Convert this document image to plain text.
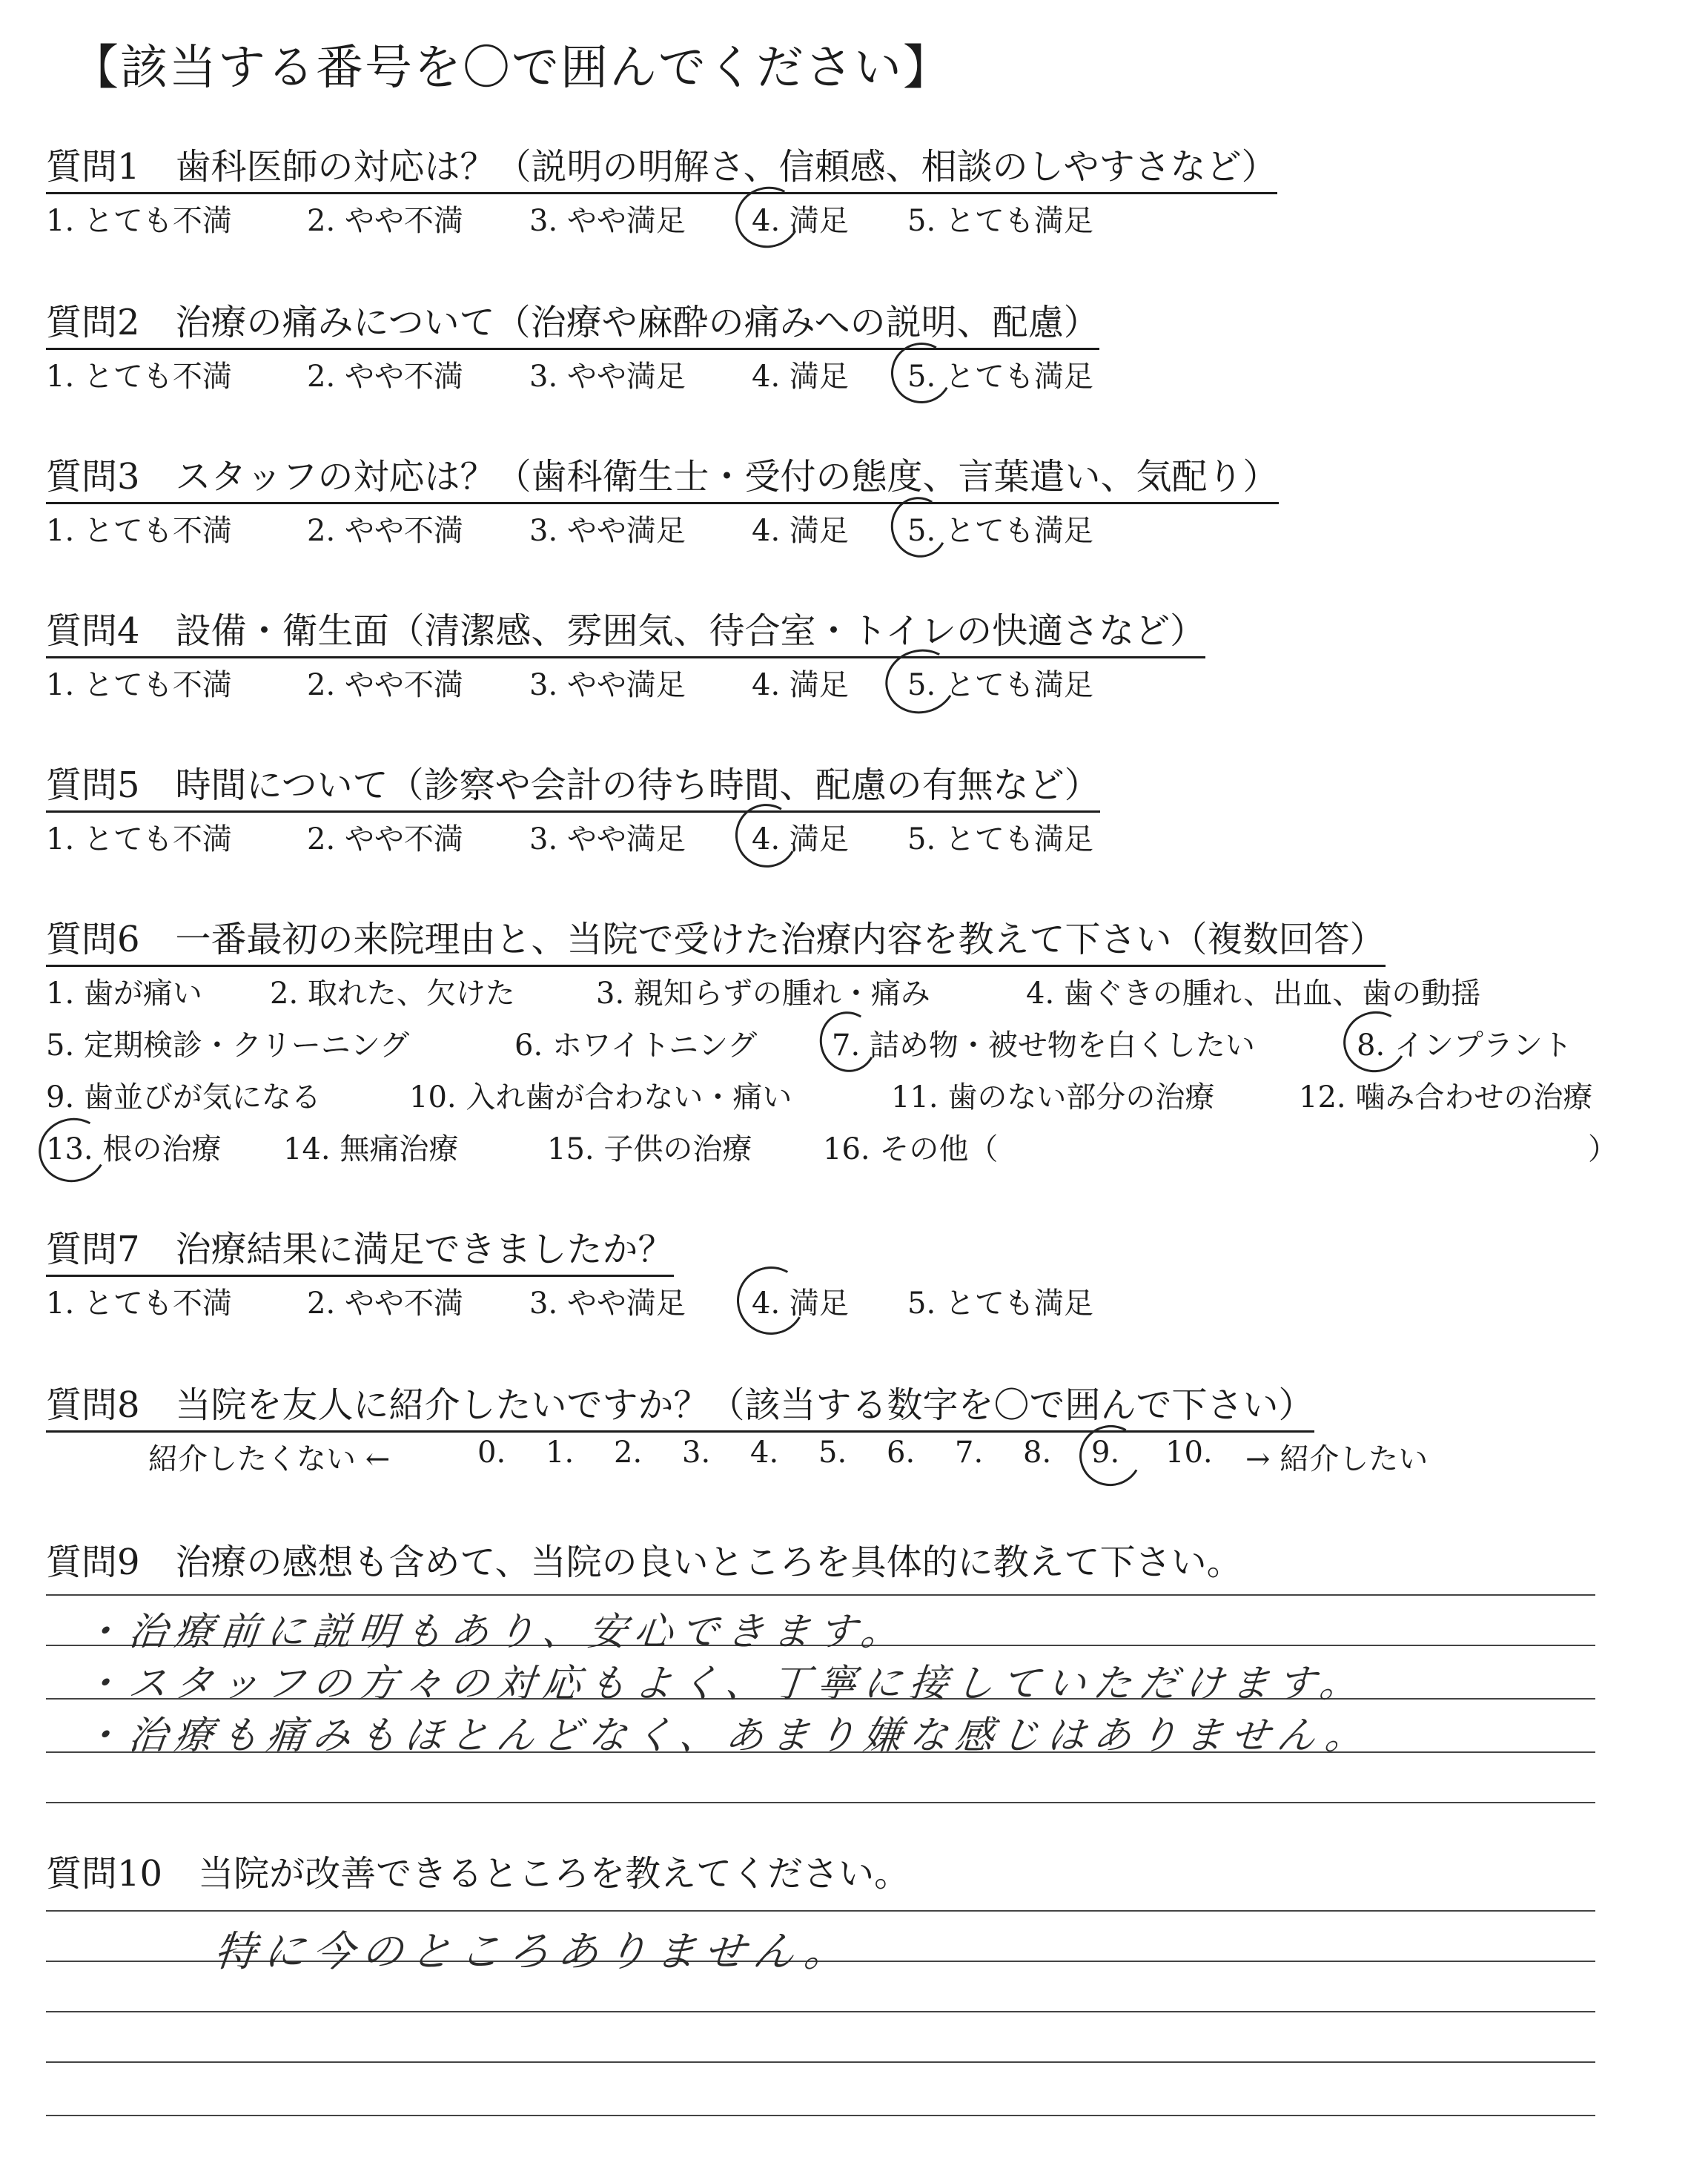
【該当する番号を〇で囲んでください】
質問1　歯科医師の対応は？（説明の明解さ、信頼感、相談のしやすさなど）
1. とても不満	2. やや不満 3. やや満足 4. 満足 5. とても満足
質問2　治療の痛みについて（治療や麻酔の痛みへの説明、配慮）
1. とても不満	2. やや不満 3. やや満足 4. 満足 5. とても満足
質問3　スタッフの対応は？（歯科衛生士・受付の態度、言葉遣い、気配り）
1. とても不満	2. やや不満 3. やや満足 4. 満足 5. とても満足
質問4　設備・衛生面（清潔感、雰囲気、待合室・トイレの快適さなど）
1. とても不満	2. やや不満 3. やや満足 4. 満足 5. とても満足
質問5　時間について（診察や会計の待ち時間、配慮の有無など）
1. とても不満	2. やや不満 3. やや満足 4. 満足 5. とても満足
質問6　一番最初の来院理由と、当院で受けた治療内容を教えて下さい（複数回答）
1. 歯が痛い 2. 取れた、欠けた	3. 親知らずの腫れ・痛み	4. 歯ぐきの腫れ、出血、歯の動揺
5. 定期検診・クリーニング	6. ホワイトニング	7. 詰め物・被せ物を白くしたい	8. インプラント
9. 歯並びが気になる	10. 入れ歯が合わない・痛い	11. 歯のない部分の治療	12. 噛み合わせの治療
13. 根の治療 14. 無痛治療	15. 子供の治療 16. その他（	）
質問7　治療結果に満足できましたか？
1. とても不満	2. やや不満 3. やや満足 4. 満足 5. とても満足
質問8　当院を友人に紹介したいですか？（該当する数字を〇で囲んで下さい）
紹介したくない ←	0. 1. 2. 3. 4. 5. 6. 7. 8. 9. 10. → 紹介したい
質問9　治療の感想も含めて、当院の良いところを具体的に教えて下さい。
・治療前に説明もあり、安心できます。
・スタッフの方々の対応もよく、丁寧に接していただけます。
・治療も痛みもほとんどなく、あまり嫌な感じはありません。
質問10　当院が改善できるところを教えてください。
特に今のところありません。
